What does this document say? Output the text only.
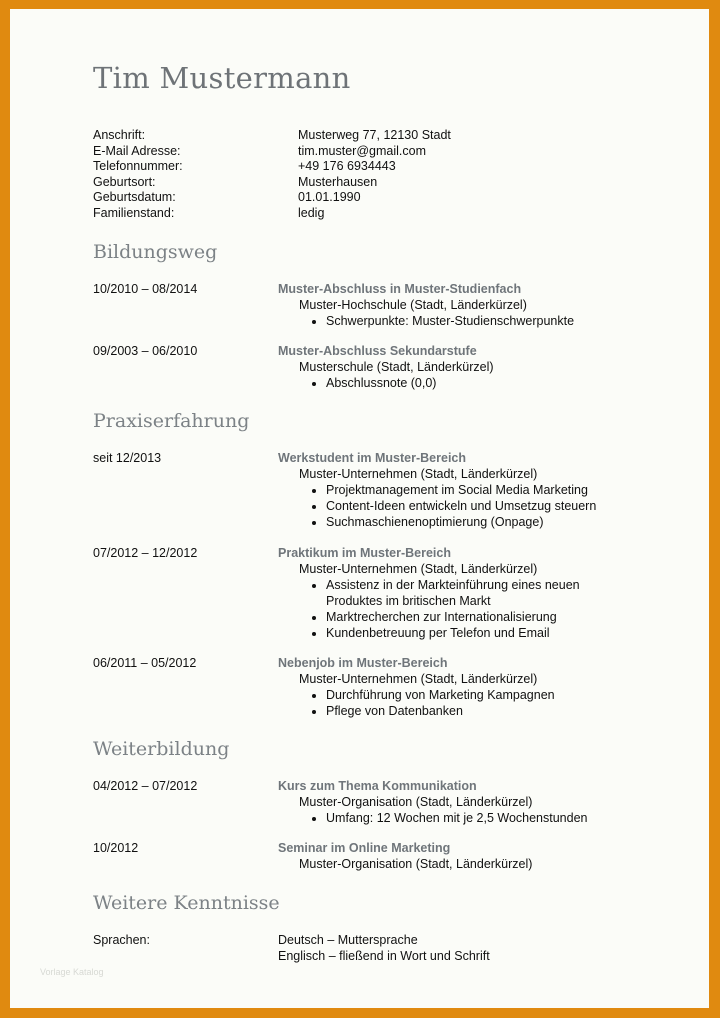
Tim Mustermann
Anschrift:	Musterweg 77, 12130 Stadt
E-Mail Adresse:	tim.muster@gmail.com
Telefonnummer:	+49 176 6934443
Geburtsort:	Musterhausen
Geburtsdatum:	01.01.1990
Familienstand:	ledig
Bildungsweg
10/2010 – 08/2014	Muster-Abschluss in Muster-Studienfach
Muster-Hochschule (Stadt, Länderkürzel)
• Schwerpunkte: Muster-Studienschwerpunkte
09/2003 – 06/2010	Muster-Abschluss Sekundarstufe
Musterschule (Stadt, Länderkürzel)
• Abschlussnote (0,0)
Praxiserfahrung
seit 12/2013	Werkstudent im Muster-Bereich
Muster-Unternehmen (Stadt, Länderkürzel)
• Projektmanagement im Social Media Marketing
• Content-Ideen entwickeln und Umsetzug steuern
• Suchmaschienenoptimierung (Onpage)
07/2012 – 12/2012	Praktikum im Muster-Bereich
Muster-Unternehmen (Stadt, Länderkürzel)
• Assistenz in der Markteinführung eines neuen Produktes im britischen Markt
• Marktrecherchen zur Internationalisierung
• Kundenbetreuung per Telefon und Email
06/2011 – 05/2012	Nebenjob im Muster-Bereich
Muster-Unternehmen (Stadt, Länderkürzel)
• Durchführung von Marketing Kampagnen
• Pflege von Datenbanken
Weiterbildung
04/2012 – 07/2012	Kurs zum Thema Kommunikation
Muster-Organisation (Stadt, Länderkürzel)
• Umfang: 12 Wochen mit je 2,5 Wochenstunden
10/2012	Seminar im Online Marketing
Muster-Organisation (Stadt, Länderkürzel)
Weitere Kenntnisse
Sprachen:	Deutsch – Muttersprache
Englisch – fließend in Wort und Schrift
Vorlage Katalog
